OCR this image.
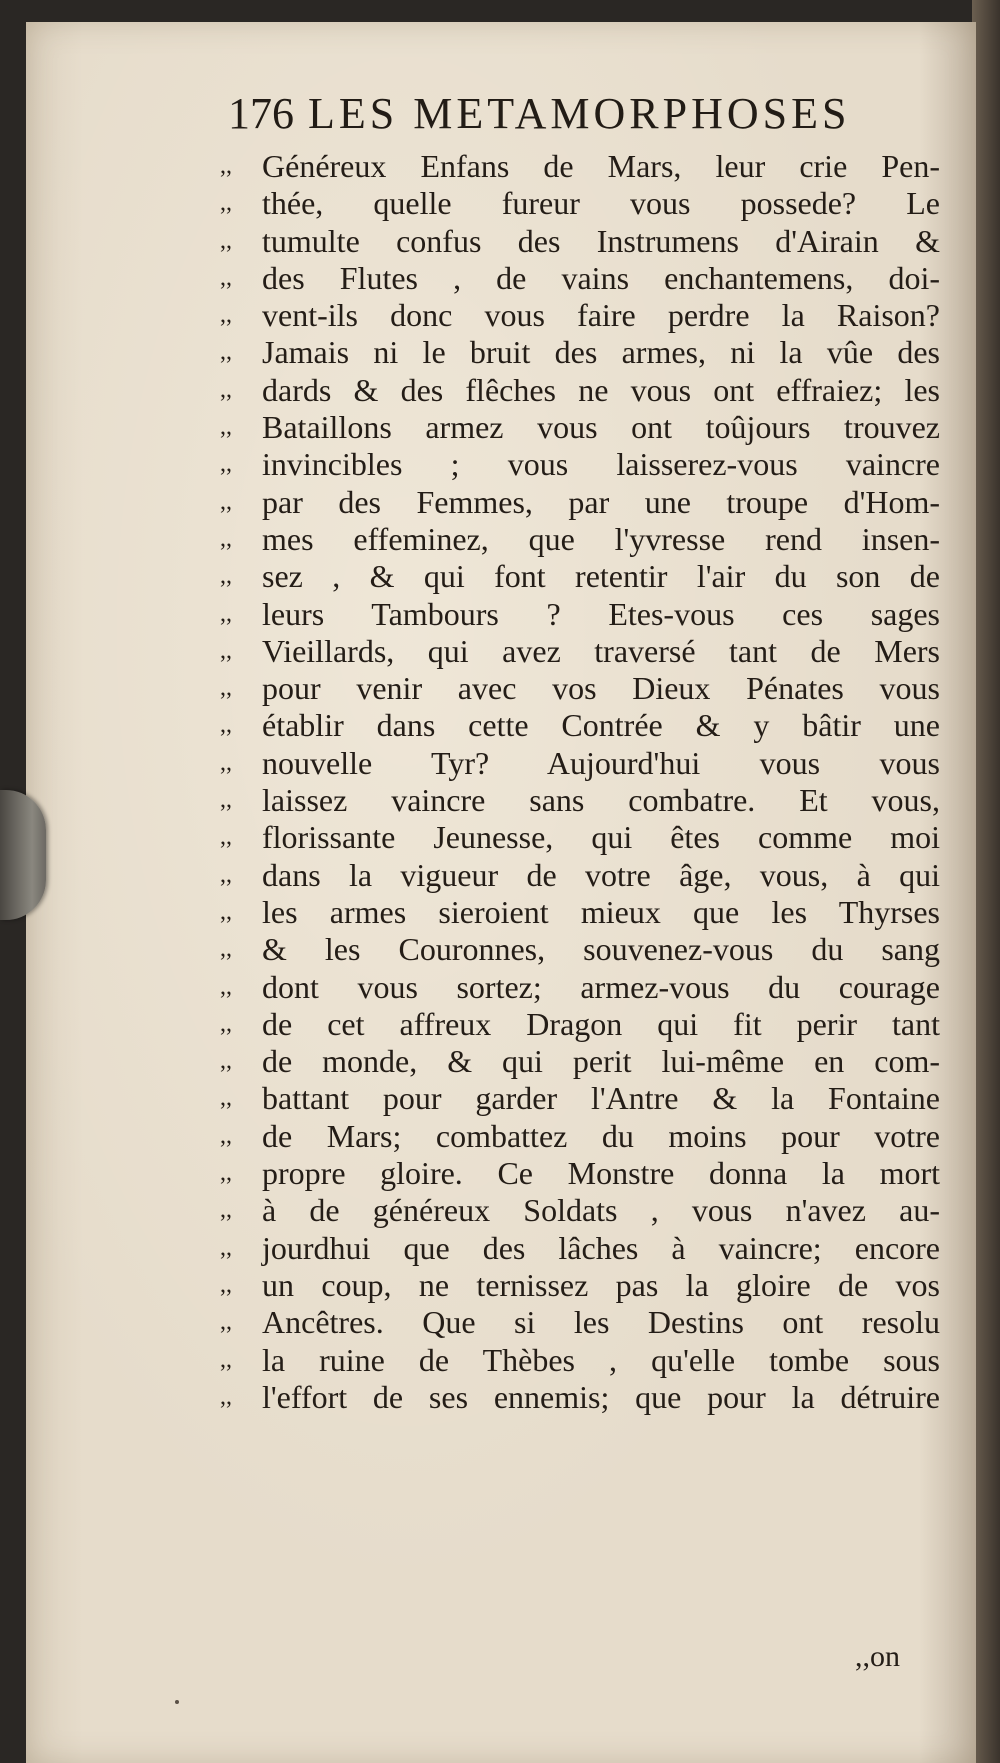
176 LES METAMORPHOSES
,, Généreux Enfans de Mars, leur crie Pen-
,, thée, quelle fureur vous possede? Le
,, tumulte confus des Instrumens d'Airain &
,, des Flutes , de vains enchantemens, doi-
,, vent-ils donc vous faire perdre la Raison?
,, Jamais ni le bruit des armes, ni la vûe des
,, dards & des flêches ne vous ont effraiez; les
,, Bataillons armez vous ont toûjours trouvez
,, invincibles ; vous laisserez-vous vaincre
,, par des Femmes, par une troupe d'Hom-
,, mes effeminez, que l'yvresse rend insen-
,, sez , & qui font retentir l'air du son de
,, leurs Tambours ? Etes-vous ces sages
,, Vieillards, qui avez traversé tant de Mers
,, pour venir avec vos Dieux Pénates vous
,, établir dans cette Contrée & y bâtir une
,, nouvelle Tyr? Aujourd'hui vous vous
,, laissez vaincre sans combatre. Et vous,
,, florissante Jeunesse, qui êtes comme moi
,, dans la vigueur de votre âge, vous, à qui
,, les armes sieroient mieux que les Thyrses
,, & les Couronnes, souvenez-vous du sang
,, dont vous sortez; armez-vous du courage
,, de cet affreux Dragon qui fit perir tant
,, de monde, & qui perit lui-même en com-
,, battant pour garder l'Antre & la Fontaine
,, de Mars; combattez du moins pour votre
,, propre gloire. Ce Monstre donna la mort
,, à de généreux Soldats , vous n'avez au-
,, jourdhui que des lâches à vaincre; encore
,, un coup, ne ternissez pas la gloire de vos
,, Ancêtres. Que si les Destins ont resolu
,, la ruine de Thèbes , qu'elle tombe sous
,, l'effort de ses ennemis; que pour la détruire
,,on
